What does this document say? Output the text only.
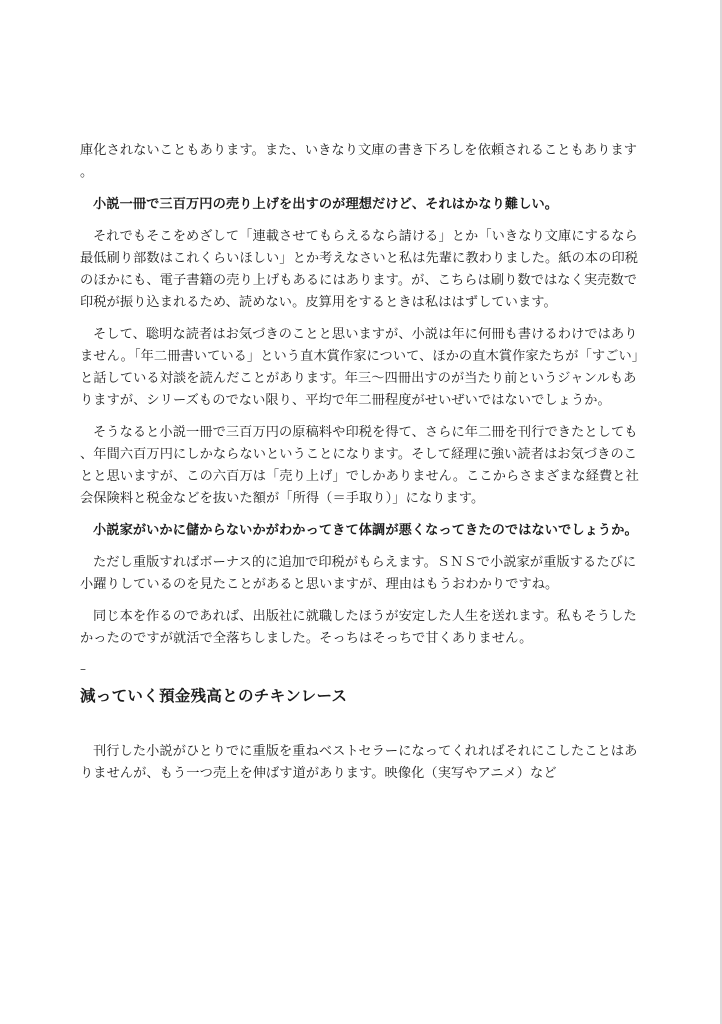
庫化されないこともあります。また、いきなり文庫の書き下ろしを依頼されることもあります。

小説一冊で三百万円の売り上げを出すのが理想だけど、それはかなり難しい。

それでもそこをめざして「連載させてもらえるなら請ける」とか「いきなり文庫にするなら最低刷り部数はこれくらいほしい」とか考えなさいと私は先輩に教わりました。紙の本の印税のほかにも、電子書籍の売り上げもあるにはあります。が、こちらは刷り数ではなく実売数で印税が振り込まれるため、読めない。皮算用をするときは私ははずしています。

そして、聡明な読者はお気づきのことと思いますが、小説は年に何冊も書けるわけではありません。「年二冊書いている」という直木賞作家について、ほかの直木賞作家たちが「すごい」と話している対談を読んだことがあります。年三〜四冊出すのが当たり前というジャンルもありますが、シリーズものでない限り、平均で年二冊程度がせいぜいではないでしょうか。

そうなると小説一冊で三百万円の原稿料や印税を得て、さらに年二冊を刊行できたとしても、年間六百万円にしかならないということになります。そして経理に強い読者はお気づきのことと思いますが、この六百万は「売り上げ」でしかありません。ここからさまざまな経費と社会保険料と税金などを抜いた額が「所得（＝手取り）」になります。

小説家がいかに儲からないかがわかってきて体調が悪くなってきたのではないでしょうか。

ただし重版すればボーナス的に追加で印税がもらえます。ＳＮＳで小説家が重版するたびに小躍りしているのを見たことがあると思いますが、理由はもうおわかりですね。

同じ本を作るのであれば、出版社に就職したほうが安定した人生を送れます。私もそうしたかったのですが就活で全落ちしました。そっちはそっちで甘くありません。

–
減っていく預金残高とのチキンレース

刊行した小説がひとりでに重版を重ねベストセラーになってくれればそれにこしたことはありませんが、もう一つ売上を伸ばす道があります。映像化（実写やアニメ）など
